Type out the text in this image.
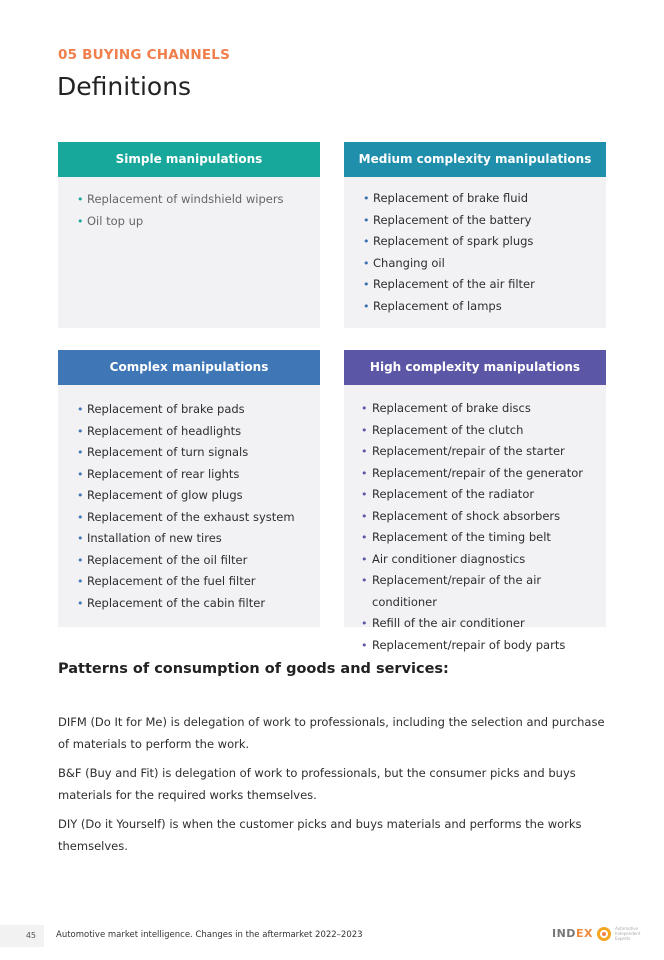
05 BUYING CHANNELS
Definitions
Simple manipulations
• Replacement of windshield wipers
• Oil top up
Medium complexity manipulations
• Replacement of brake fluid
• Replacement of the battery
• Replacement of spark plugs
• Changing oil
• Replacement of the air filter
• Replacement of lamps
Complex manipulations
• Replacement of brake pads
• Replacement of headlights
• Replacement of turn signals
• Replacement of rear lights
• Replacement of glow plugs
• Replacement of the exhaust system
• Installation of new tires
• Replacement of the oil filter
• Replacement of the fuel filter
• Replacement of the cabin filter
High complexity manipulations
• Replacement of brake discs
• Replacement of the clutch
• Replacement/repair of the starter
• Replacement/repair of the generator
• Replacement of the radiator
• Replacement of shock absorbers
• Replacement of the timing belt
• Air conditioner diagnostics
• Replacement/repair of the air conditioner
• Refill of the air conditioner
• Replacement/repair of body parts
Patterns of consumption of goods and services:
DIFM (Do It for Me) is delegation of work to professionals, including the selection and purchase of materials to perform the work.
B&F (Buy and Fit) is delegation of work to professionals, but the consumer picks and buys materials for the required works themselves.
DIY (Do it Yourself) is when the customer picks and buys materials and performs the works themselves.
45	Automotive market intelligence. Changes in the aftermarket 2022–2023	INDEX	Automotive Independent Experts
